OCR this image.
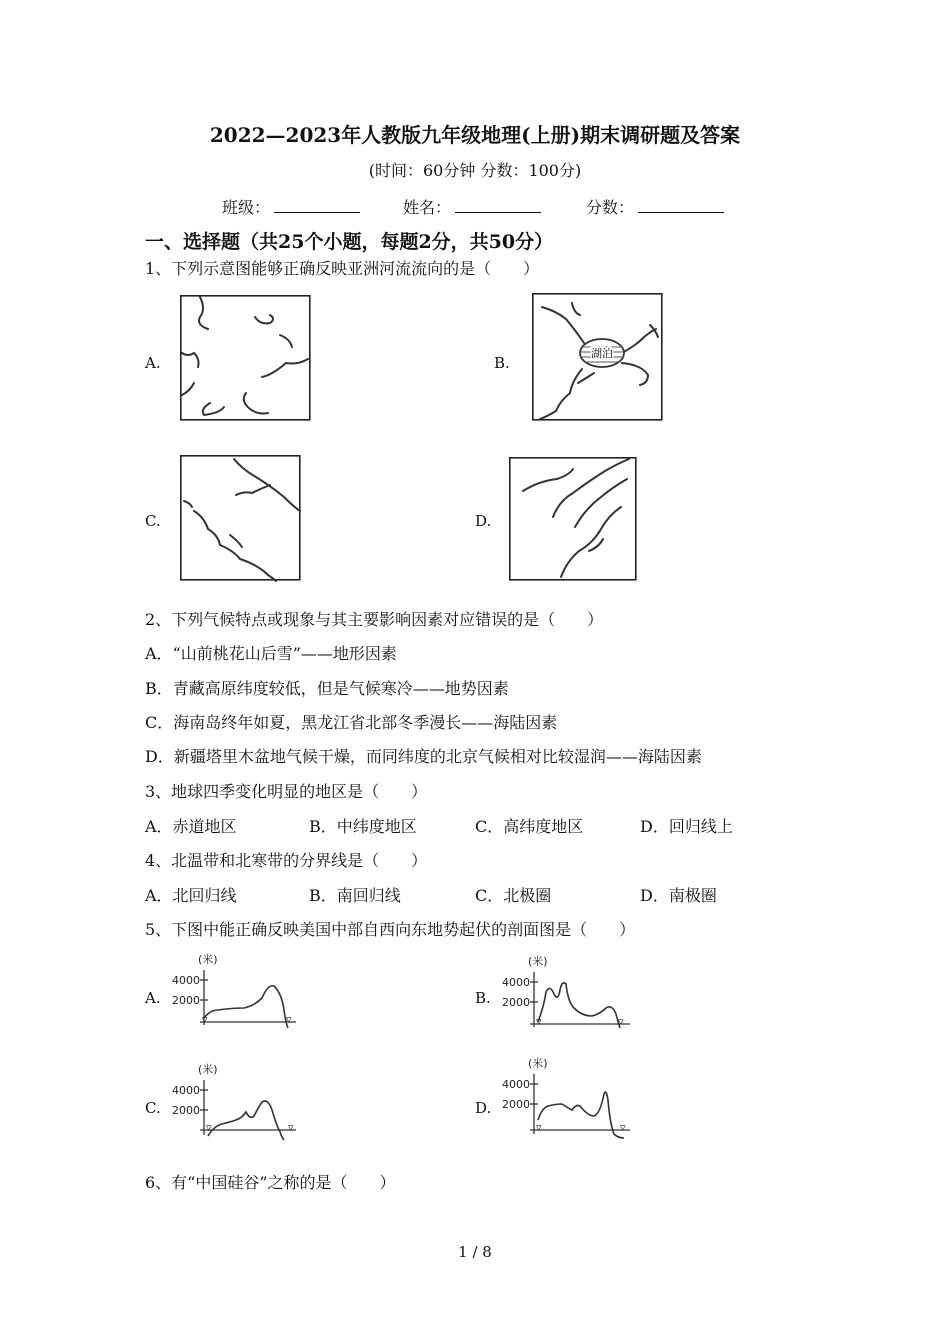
2022—2023年人教版九年级地理(上册)期末调研题及答案
(时间：60分钟 分数：100分)
班级：	姓名：	分数：
一、选择题（共25个小题，每题2分，共50分）
1、下列示意图能够正确反映亚洲河流流向的是（　　）
A.	B.
湖泊
C.	D.
2、下列气候特点或现象与其主要影响因素对应错误的是（　　）
A．“山前桃花山后雪”——地形因素
B．青藏高原纬度较低，但是气候寒冷——地势因素
C．海南岛终年如夏，黑龙江省北部冬季漫长——海陆因素
D．新疆塔里木盆地气候干燥，而同纬度的北京气候相对比较湿润——海陆因素
3、地球四季变化明显的地区是（　　）
A．赤道地区	B．中纬度地区	C．高纬度地区	D．回归线上
4、北温带和北寒带的分界线是（　　）
A．北回归线	B．南回归线	C．北极圈	D．南极圈
5、下图中能正确反映美国中部自西向东地势起伏的剖面图是（　　）
A.
(米)
4000
2000
▿	▿
B.
(米)
4000
2000
▿	▿
C.
(米)
4000
2000
▿	▿
D.
(米)
4000
2000
▿	▿
6、有“中国硅谷”之称的是（　　）
1 / 8
